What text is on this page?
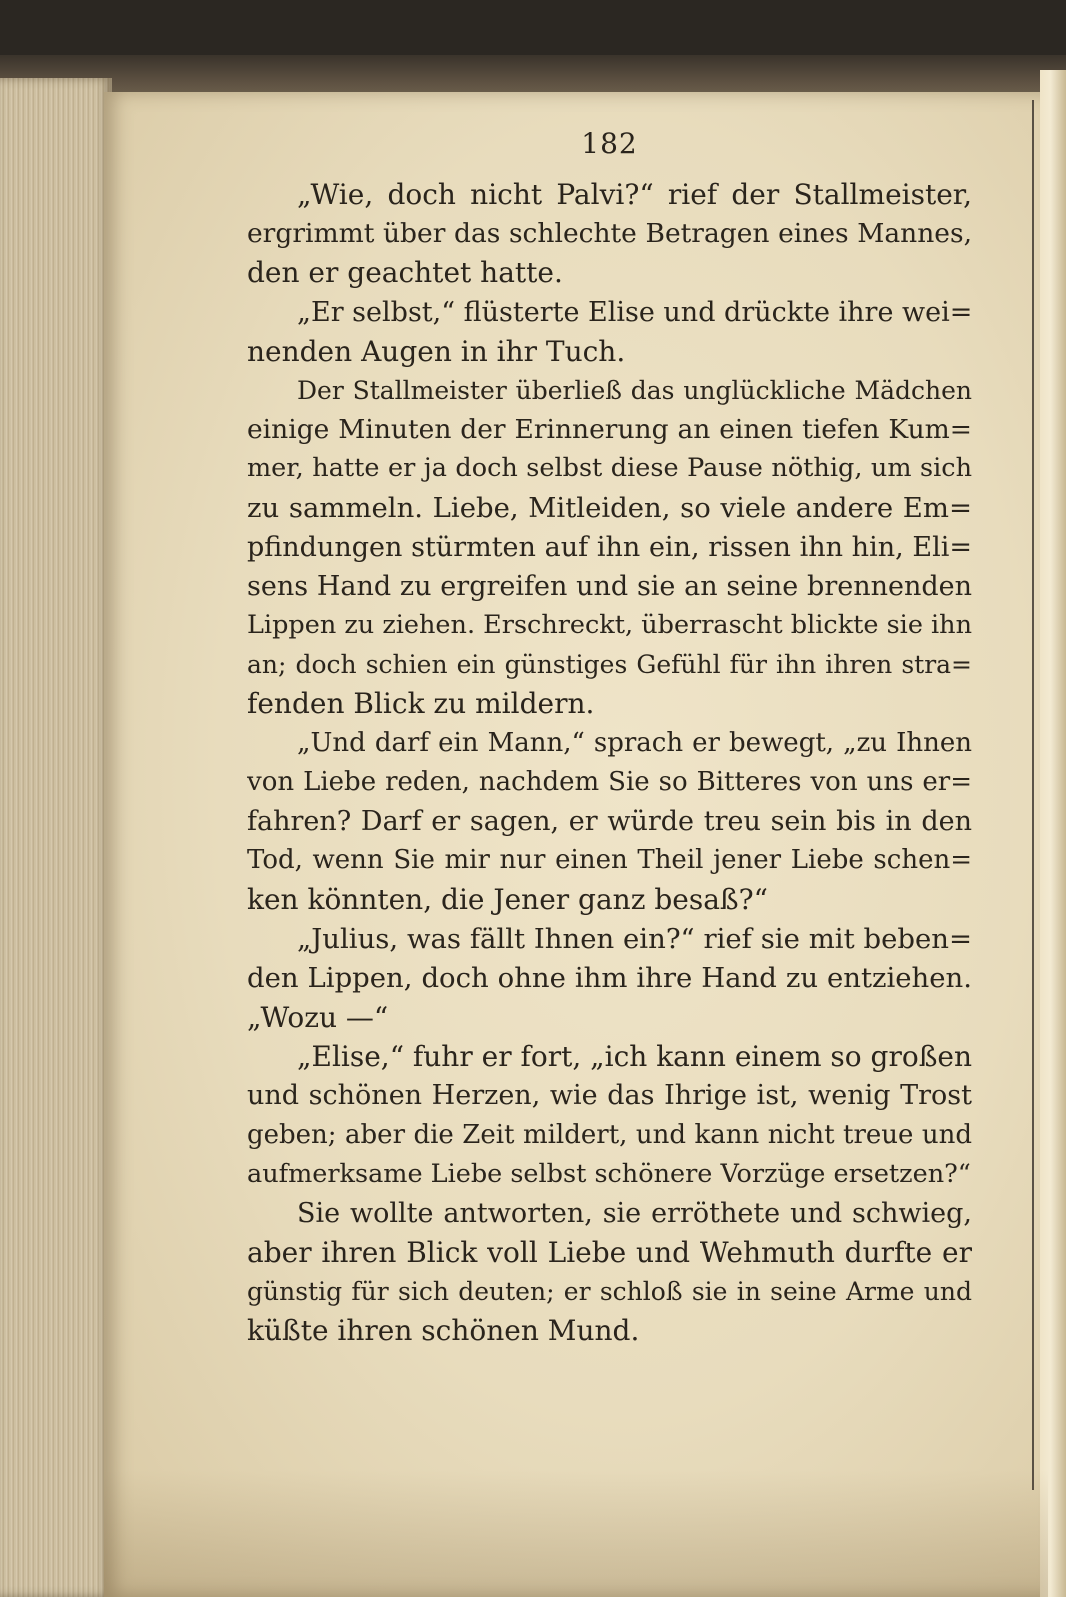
182
„Wie, doch nicht Palvi?“ rief der Stallmeister,
ergrimmt über das schlechte Betragen eines Mannes,
den er geachtet hatte.
„Er selbst,“ flüsterte Elise und drückte ihre wei=
nenden Augen in ihr Tuch.
Der Stallmeister überließ das unglückliche Mädchen
einige Minuten der Erinnerung an einen tiefen Kum=
mer, hatte er ja doch selbst diese Pause nöthig, um sich
zu sammeln. Liebe, Mitleiden, so viele andere Em=
pfindungen stürmten auf ihn ein, rissen ihn hin, Eli=
sens Hand zu ergreifen und sie an seine brennenden
Lippen zu ziehen. Erschreckt, überrascht blickte sie ihn
an; doch schien ein günstiges Gefühl für ihn ihren stra=
fenden Blick zu mildern.
„Und darf ein Mann,“ sprach er bewegt, „zu Ihnen
von Liebe reden, nachdem Sie so Bitteres von uns er=
fahren? Darf er sagen, er würde treu sein bis in den
Tod, wenn Sie mir nur einen Theil jener Liebe schen=
ken könnten, die Jener ganz besaß?“
„Julius, was fällt Ihnen ein?“ rief sie mit beben=
den Lippen, doch ohne ihm ihre Hand zu entziehen.
„Wozu —“
„Elise,“ fuhr er fort, „ich kann einem so großen
und schönen Herzen, wie das Ihrige ist, wenig Trost
geben; aber die Zeit mildert, und kann nicht treue und
aufmerksame Liebe selbst schönere Vorzüge ersetzen?“
Sie wollte antworten, sie erröthete und schwieg,
aber ihren Blick voll Liebe und Wehmuth durfte er
günstig für sich deuten; er schloß sie in seine Arme und
küßte ihren schönen Mund.
